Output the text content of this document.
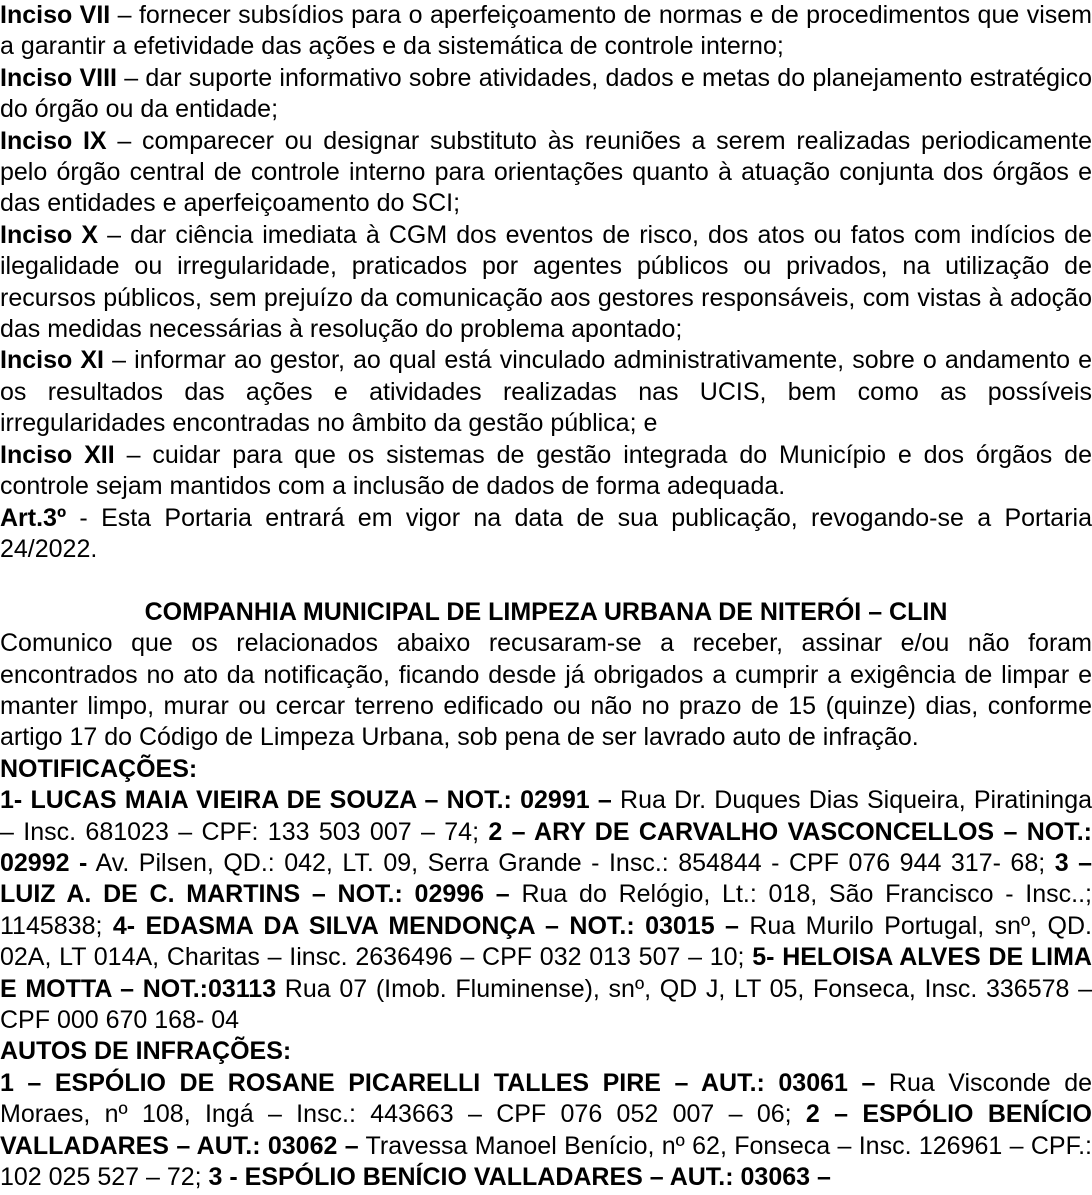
Inciso VII – fornecer subsídios para o aperfeiçoamento de normas e de procedimentos que visem a garantir a efetividade das ações e da sistemática de controle interno;

Inciso VIII – dar suporte informativo sobre atividades, dados e metas do planejamento estratégico do órgão ou da entidade;

Inciso IX – comparecer ou designar substituto às reuniões a serem realizadas periodicamente pelo órgão central de controle interno para orientações quanto à atuação conjunta dos órgãos e das entidades e aperfeiçoamento do SCI;

Inciso X – dar ciência imediata à CGM dos eventos de risco, dos atos ou fatos com indícios de ilegalidade ou irregularidade, praticados por agentes públicos ou privados, na utilização de recursos públicos, sem prejuízo da comunicação aos gestores responsáveis, com vistas à adoção das medidas necessárias à resolução do problema apontado;

Inciso XI – informar ao gestor, ao qual está vinculado administrativamente, sobre o andamento e os resultados das ações e atividades realizadas nas UCIS, bem como as possíveis irregularidades encontradas no âmbito da gestão pública; e

Inciso XII – cuidar para que os sistemas de gestão integrada do Município e dos órgãos de controle sejam mantidos com a inclusão de dados de forma adequada.

Art.3º - Esta Portaria entrará em vigor na data de sua publicação, revogando-se a Portaria 24/2022.

COMPANHIA MUNICIPAL DE LIMPEZA URBANA DE NITERÓI – CLIN

Comunico que os relacionados abaixo recusaram-se a receber, assinar e/ou não foram encontrados no ato da notificação, ficando desde já obrigados a cumprir a exigência de limpar e manter limpo, murar ou cercar terreno edificado ou não no prazo de 15 (quinze) dias, conforme artigo 17 do Código de Limpeza Urbana, sob pena de ser lavrado auto de infração.

NOTIFICAÇÕES:

1- LUCAS MAIA VIEIRA DE SOUZA – NOT.: 02991 – Rua Dr. Duques Dias Siqueira, Piratininga – Insc. 681023 – CPF: 133 503 007 – 74; 2 – ARY DE CARVALHO VASCONCELLOS – NOT.: 02992 - Av. Pilsen, QD.: 042, LT. 09, Serra Grande - Insc.: 854844 - CPF 076 944 317- 68; 3 – LUIZ A. DE C. MARTINS – NOT.: 02996 – Rua do Relógio, Lt.: 018, São Francisco - Insc..; 1145838; 4- EDASMA DA SILVA MENDONÇA – NOT.: 03015 – Rua Murilo Portugal, snº, QD. 02A, LT 014A, Charitas – Iinsc. 2636496 – CPF 032 013 507 – 10; 5- HELOISA ALVES DE LIMA E MOTTA – NOT.:03113 Rua 07 (Imob. Fluminense), snº, QD J, LT 05, Fonseca, Insc. 336578 – CPF 000 670 168- 04

AUTOS DE INFRAÇÕES:

1 – ESPÓLIO DE ROSANE PICARELLI TALLES PIRE – AUT.: 03061 – Rua Visconde de Moraes, nº 108, Ingá – Insc.: 443663 – CPF 076 052 007 – 06; 2 – ESPÓLIO BENÍCIO VALLADARES – AUT.: 03062 – Travessa Manoel Benício, nº 62, Fonseca – Insc. 126961 – CPF.: 102 025 527 – 72; 3 - ESPÓLIO BENÍCIO VALLADARES – AUT.: 03063 –
